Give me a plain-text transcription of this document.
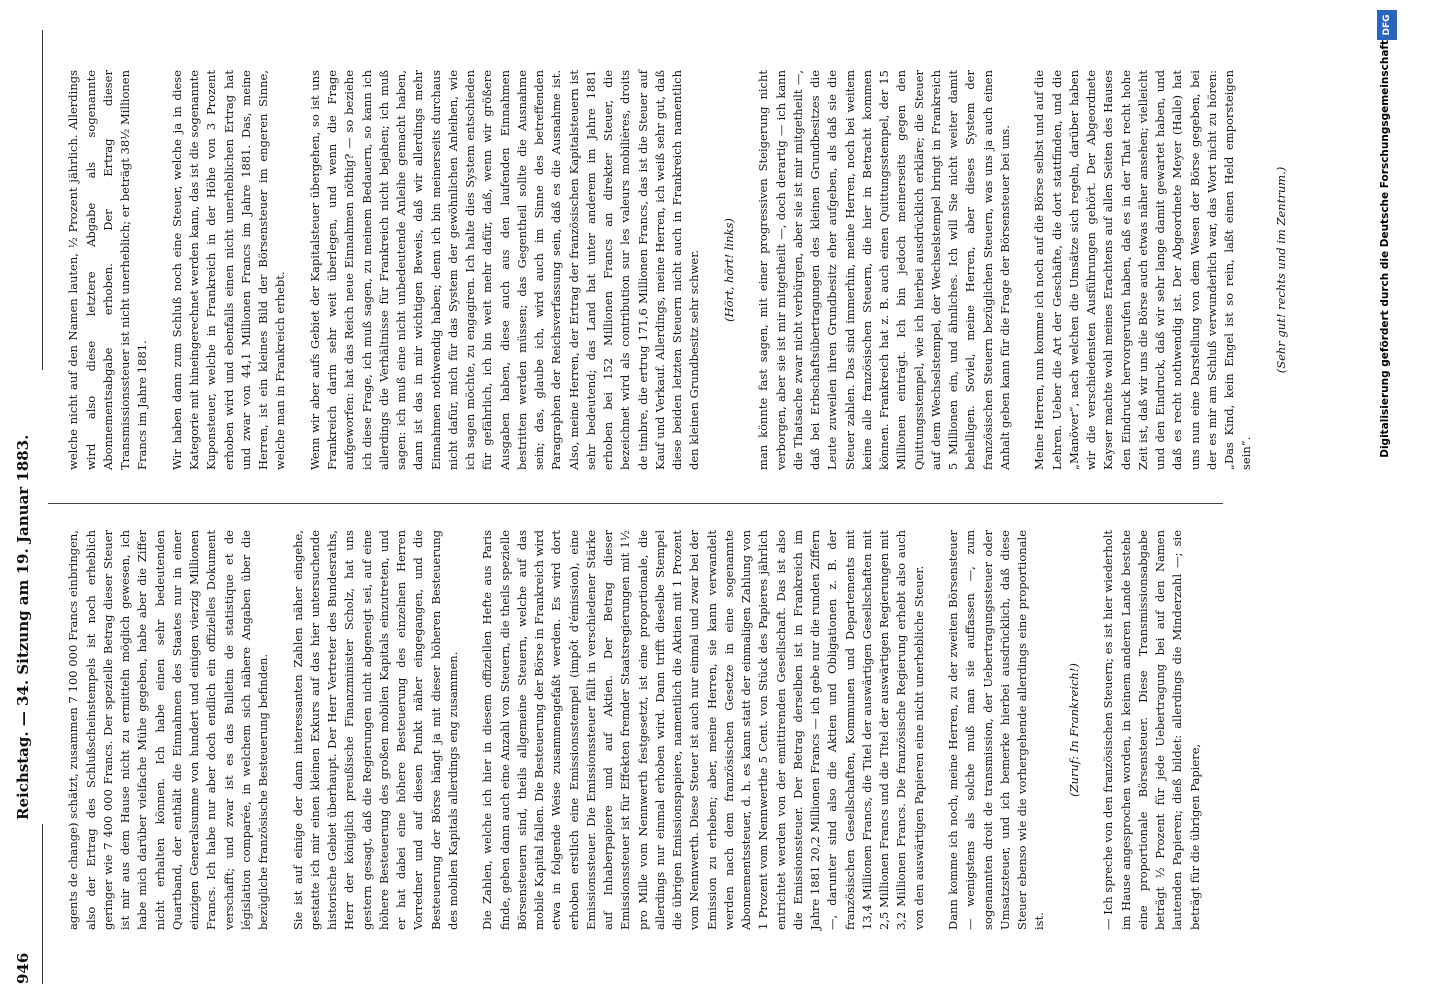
946
Reichstag. — 34. Sitzung am 19. Januar 1883.

agents de change) schätzt, zusammen 7 100 000 Francs einbringen, also der Ertrag des Schlußscheinstempels ist noch erheblich geringer wie 7 400 000 Francs. Der spezielle Betrag dieser Steuer ist mir aus dem Hause nicht zu ermitteln möglich gewesen, ich habe mich darüber vielfache Mühe gegeben, habe aber die Ziffer nicht erhalten können. Ich habe einen sehr bedeutenden Quartband, der enthält die Einnahmen des Staates nur in einer einzigen Generalsumme von hundert und einigen vierzig Millionen Francs. Ich habe nur aber doch endlich ein offizielles Dokument verschafft; und zwar ist es das Bulletin de statistique et de législation comparée, in welchem sich nähere Angaben über die bezügliche französische Besteuerung befinden.

Sie ist auf einige der dann interessanten Zahlen näher eingehe, gestatte ich mir einen kleinen Exkurs auf das hier untersuchende historische Gebiet überhaupt. Der Herr Vertreter des Bundesraths, Herr der königlich preußische Finanzminister Scholz, hat uns gestern gesagt, daß die Regierungen nicht abgeneigt sei, auf eine höhere Besteuerung des großen mobilen Kapitals einzutreten, und er hat dabei eine höhere Besteuerung des einzelnen Herren Vorredner und auf diesen Punkt näher eingegangen, und die Besteuerung der Börse hängt ja mit dieser höheren Besteuerung des mobilen Kapitals allerdings eng zusammen.

Die Zahlen, welche ich hier in diesem offiziellen Hefte aus Paris finde, geben dann auch eine Anzahl von Steuern, die theils spezielle Börsensteuern sind, theils allgemeine Steuern, welche auf das mobile Kapital fallen. Die Besteuerung der Börse in Frankreich wird etwa in folgende Weise zusammengefaßt werden. Es wird dort erhoben erstlich eine Emissionsstempel (impôt d'émission), eine Emissionssteuer. Die Emissionssteuer fällt in verschiedener Stärke auf Inhaberpapiere und auf Aktien. Der Betrag dieser Emissionssteuer ist für Effekten fremder Staatsregierungen mit 1½ pro Mille vom Nennwerth festgesetzt, ist eine proportionale, die allerdings nur einmal erhoben wird. Dann trifft dieselbe Stempel die übrigen Emissionspapiere, namentlich die Aktien mit 1 Prozent vom Nennwerth. Diese Steuer ist auch nur einmal und zwar bei der Emission zu erheben; aber, meine Herren, sie kann verwandelt werden nach dem französischen Gesetze in eine sogenannte Abonnementssteuer, d. h. es kann statt der einmaligen Zahlung von 1 Prozent vom Nennwerthe 5 Cent. von Stück des Papieres jährlich entrichtet werden von der emittirenden Gesellschaft. Das ist also die Emissionssteuer. Der Betrag derselben ist in Frankreich im Jahre 1881 20,2 Millionen Francs — ich gebe nur die runden Ziffern —, darunter sind also die Aktien und Obligationen z. B. der französischen Gesellschaften, Kommunen und Departements mit 13,4 Millionen Francs, die Titel der auswärtigen Gesellschaften mit 2,5 Millionen Francs und die Titel der auswärtigen Regierungen mit 3,2 Millionen Francs. Die französische Regierung erhebt also auch von den auswärtigen Papieren eine nicht unerhebliche Steuer.

Dann komme ich noch, meine Herren, zu der zweiten Börsensteuer — wenigstens als solche muß man sie auffassen —, zum sogenannten droit de transmission, der Uebertragungssteuer oder Umsatzsteuer, und ich bemerke hierbei ausdrücklich, daß diese Steuer ebenso wie die vorhergehende allerdings eine proportionale ist.

(Zuruf: In Frankreich!)

— Ich spreche von den französischen Steuern; es ist hier wiederholt im Hause angesprochen worden, in keinem anderen Lande bestehe eine proportionale Börsensteuer. Diese Transmissionsabgabe beträgt ½ Prozent für jede Uebertragung bei auf den Namen lautenden Papieren; dieß bildet: allerdings die Minderzahl —; sie beträgt für die übrigen Papiere,

welche nicht auf den Namen lauten, ½ Prozent jährlich. Allerdings wird also diese letztere Abgabe als sogenannte Abonnementsabgabe erhoben. Der Ertrag dieser Transmissionssteuer ist nicht unerheblich; er beträgt 38½ Millionen Francs im Jahre 1881.

Wir haben dann zum Schluß noch eine Steuer, welche ja in diese Kategorie mit hineingerechnet werden kann, das ist die sogenannte Kuponsteuer, welche in Frankreich in der Höhe von 3 Prozent erhoben wird und ebenfalls einen nicht unerheblichen Ertrag hat und zwar von 44,1 Millionen Francs im Jahre 1881. Das, meine Herren, ist ein kleines Bild der Börsensteuer im engeren Sinne, welche man in Frankreich erhebt.

Wenn wir aber aufs Gebiet der Kapitalsteuer übergehen, so ist uns Frankreich darin sehr weit überlegen, und wenn die Frage aufgeworfen: hat das Reich neue Einnahmen nöthig? — so beziehe ich diese Frage, ich muß sagen, zu meinem Bedauern, so kann ich allerdings die Verhältnisse für Frankreich nicht bejahen; ich muß sagen: ich muß eine nicht unbedeutende Anleihe gemacht haben, dann ist das in mir wichtigen Beweis, daß wir allerdings mehr Einnahmen nothwendig haben; denn ich bin meinerseits durchaus nicht dafür, mich für das System der gewöhnlichen Anleihen, wie ich sagen möchte, zu engagiren. Ich halte dies System entschieden für gefährlich, ich bin weit mehr dafür, daß, wenn wir größere Ausgaben haben, diese auch aus den laufenden Einnahmen bestritten werden müssen; das Gegentheil sollte die Ausnahme sein; das, glaube ich, wird auch im Sinne des betreffenden Paragraphen der Reichsverfassung sein, daß es die Ausnahme ist. Also, meine Herren, der Ertrag der französischen Kapitalsteuern ist sehr bedeutend; das Land hat unter anderem im Jahre 1881 erhoben bei 152 Millionen Francs an direkter Steuer, die bezeichnet wird als contribution sur les valeurs mobilières, droits de timbre, die ertrug 171,6 Millionen Francs, das ist die Steuer auf Kauf und Verkauf. Allerdings, meine Herren, ich weiß sehr gut, daß diese beiden letzten Steuern nicht auch in Frankreich namentlich den kleinen Grundbesitz sehr schwer.

(Hört, hört! links)

man könnte fast sagen, mit einer progressiven Steigerung nicht verborgen, aber sie ist mir mitgetheilt —, doch derartig — ich kann die Thatsache zwar nicht verbürgen, aber sie ist mir mitgetheilt —, daß bei Erbschaftsübertragungen des kleinen Grundbesitzes die Leute zuweilen ihren Grundbesitz eher aufgeben, als daß sie die Steuer zahlen. Das sind immerhin, meine Herren, noch bei weitem keine alle französischen Steuern, die hier in Betracht kommen können. Frankreich hat z. B. auch einen Quittungsstempel, der 15 Millionen einträgt. Ich bin jedoch meinerseits gegen den Quittungsstempel, wie ich hierbei ausdrücklich erkläre; die Steuer auf dem Wechselstempel, der Wechselstempel bringt in Frankreich 5 Millionen ein, und ähnliches. Ich will Sie nicht weiter damit behelligen. Soviel, meine Herren, aber dieses System der französischen Steuern bezüglichen Steuern, was uns ja auch einen Anhalt geben kann für die Frage der Börsensteuer bei uns.

Meine Herren, nun komme ich noch auf die Börse selbst und auf die Lehren. Ueber die Art der Geschäfte, die dort stattfinden, und die „Manöver“, nach welchen die Umsätze sich regeln, darüber haben wir die verschiedensten Ausführungen gehört. Der Abgeordnete Kayser machte wohl meines Erachtens auf allen Seiten des Hauses den Eindruck hervorgerufen haben, daß es in der That recht hohe Zeit ist, daß wir uns die Börse auch etwas näher ansehen; vielleicht und den Eindruck, daß wir sehr lange damit gewartet haben, und daß es recht nothwendig ist. Der Abgeordnete Meyer (Halle) hat uns nun eine Darstellung von dem Wesen der Börse gegeben, bei der es mir am Schluß verwunderlich war, das Wort nicht zu hören: „Das Kind, kein Engel ist so rein, laßt einen Held emporsteigen sein“.

(Sehr gut! rechts und im Zentrum.)	Digitalisierung gefördert durch die Deutsche Forschungsgemeinschaft
DFG
